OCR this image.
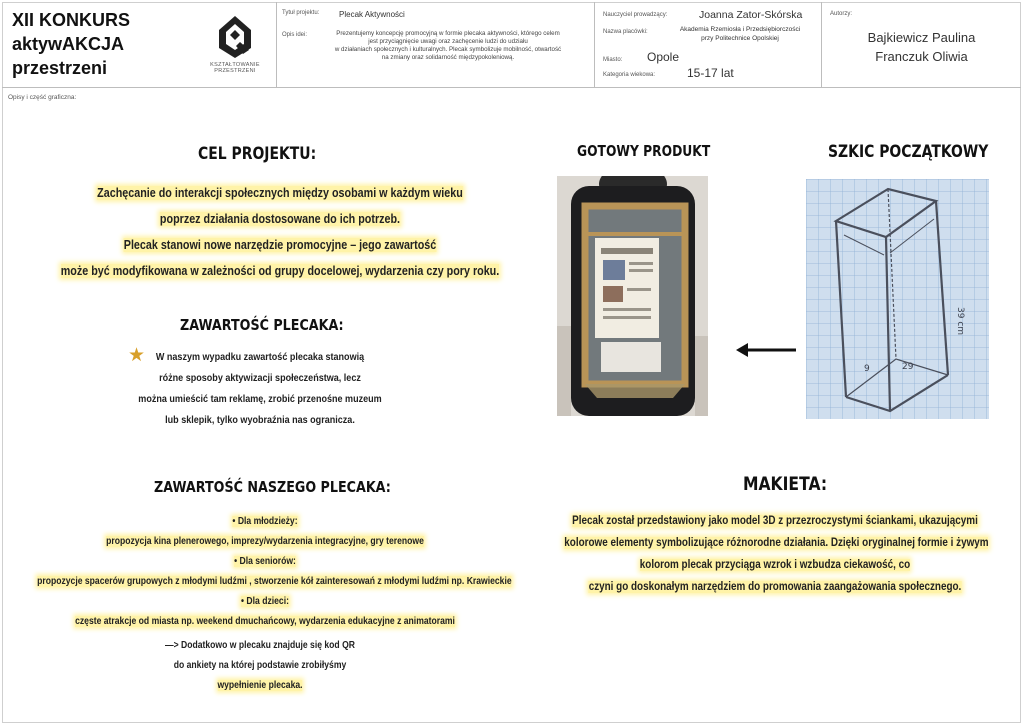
XII KONKURS
aktywAKCJA
przestrzeni	KSZTAŁTOWANIE
PRZESTRZENI
Tytuł projektu: Plecak Aktywności
Opis idei:	Prezentujemy koncepcję promocyjną w formie plecaka aktywności, którego celem
jest przyciągnięcie uwagi oraz zachęcenie ludzi do udziału
w działaniach społecznych i kulturalnych. Plecak symbolizuje mobilność, otwartość
na zmiany oraz solidarność międzypokoleniową.
Nauczyciel prowadzący:	Joanna Zator-Skórska
Nazwa placówki:	Akademia Rzemiosła i Przedsiębiorczości
przy Politechnice Opolskiej
Miasto: Opole
Kategoria wiekowa:	15-17 lat
Autorzy:
Bajkiewicz Paulina
Franczuk Oliwia
Opisy i część graficzna:
CEL PROJEKTU:
Zachęcanie do interakcji społecznych między osobami w każdym wieku
poprzez działania dostosowane do ich potrzeb.
Plecak stanowi nowe narzędzie promocyjne – jego zawartość
może być modyfikowana w zależności od grupy docelowej, wydarzenia czy pory roku.
ZAWARTOŚĆ PLECAKA:
★	W naszym wypadku zawartość plecaka stanowią
różne sposoby aktywizacji społeczeństwa, lecz
można umieścić tam reklamę, zrobić przenośne muzeum
lub sklepik, tylko wyobraźnia nas ogranicza.
ZAWARTOŚĆ NASZEGO PLECAKA:
• Dla młodzieży:
propozycja kina plenerowego, imprezy/wydarzenia integracyjne, gry terenowe
• Dla seniorów:
propozycje spacerów grupowych z młodymi ludźmi , stworzenie kół zainteresowań z młodymi ludźmi np. Krawieckie
• Dla dzieci:
częste atrakcje od miasta np. weekend dmuchańcowy, wydarzenia edukacyjne z animatorami
—> Dodatkowo w plecaku znajduje się kod QR
do ankiety na której podstawie zrobiłyśmy
wypełnienie plecaka.
GOTOWY PRODUKT	SZKIC POCZĄTKOWY
39 cm
29
9
MAKIETA:
Plecak został przedstawiony jako model 3D z przezroczystymi ściankami, ukazującymi
kolorowe elementy symbolizujące różnorodne działania. Dzięki oryginalnej formie i żywym
kolorom plecak przyciąga wzrok i wzbudza ciekawość, co
czyni go doskonałym narzędziem do promowania zaangażowania społecznego.
